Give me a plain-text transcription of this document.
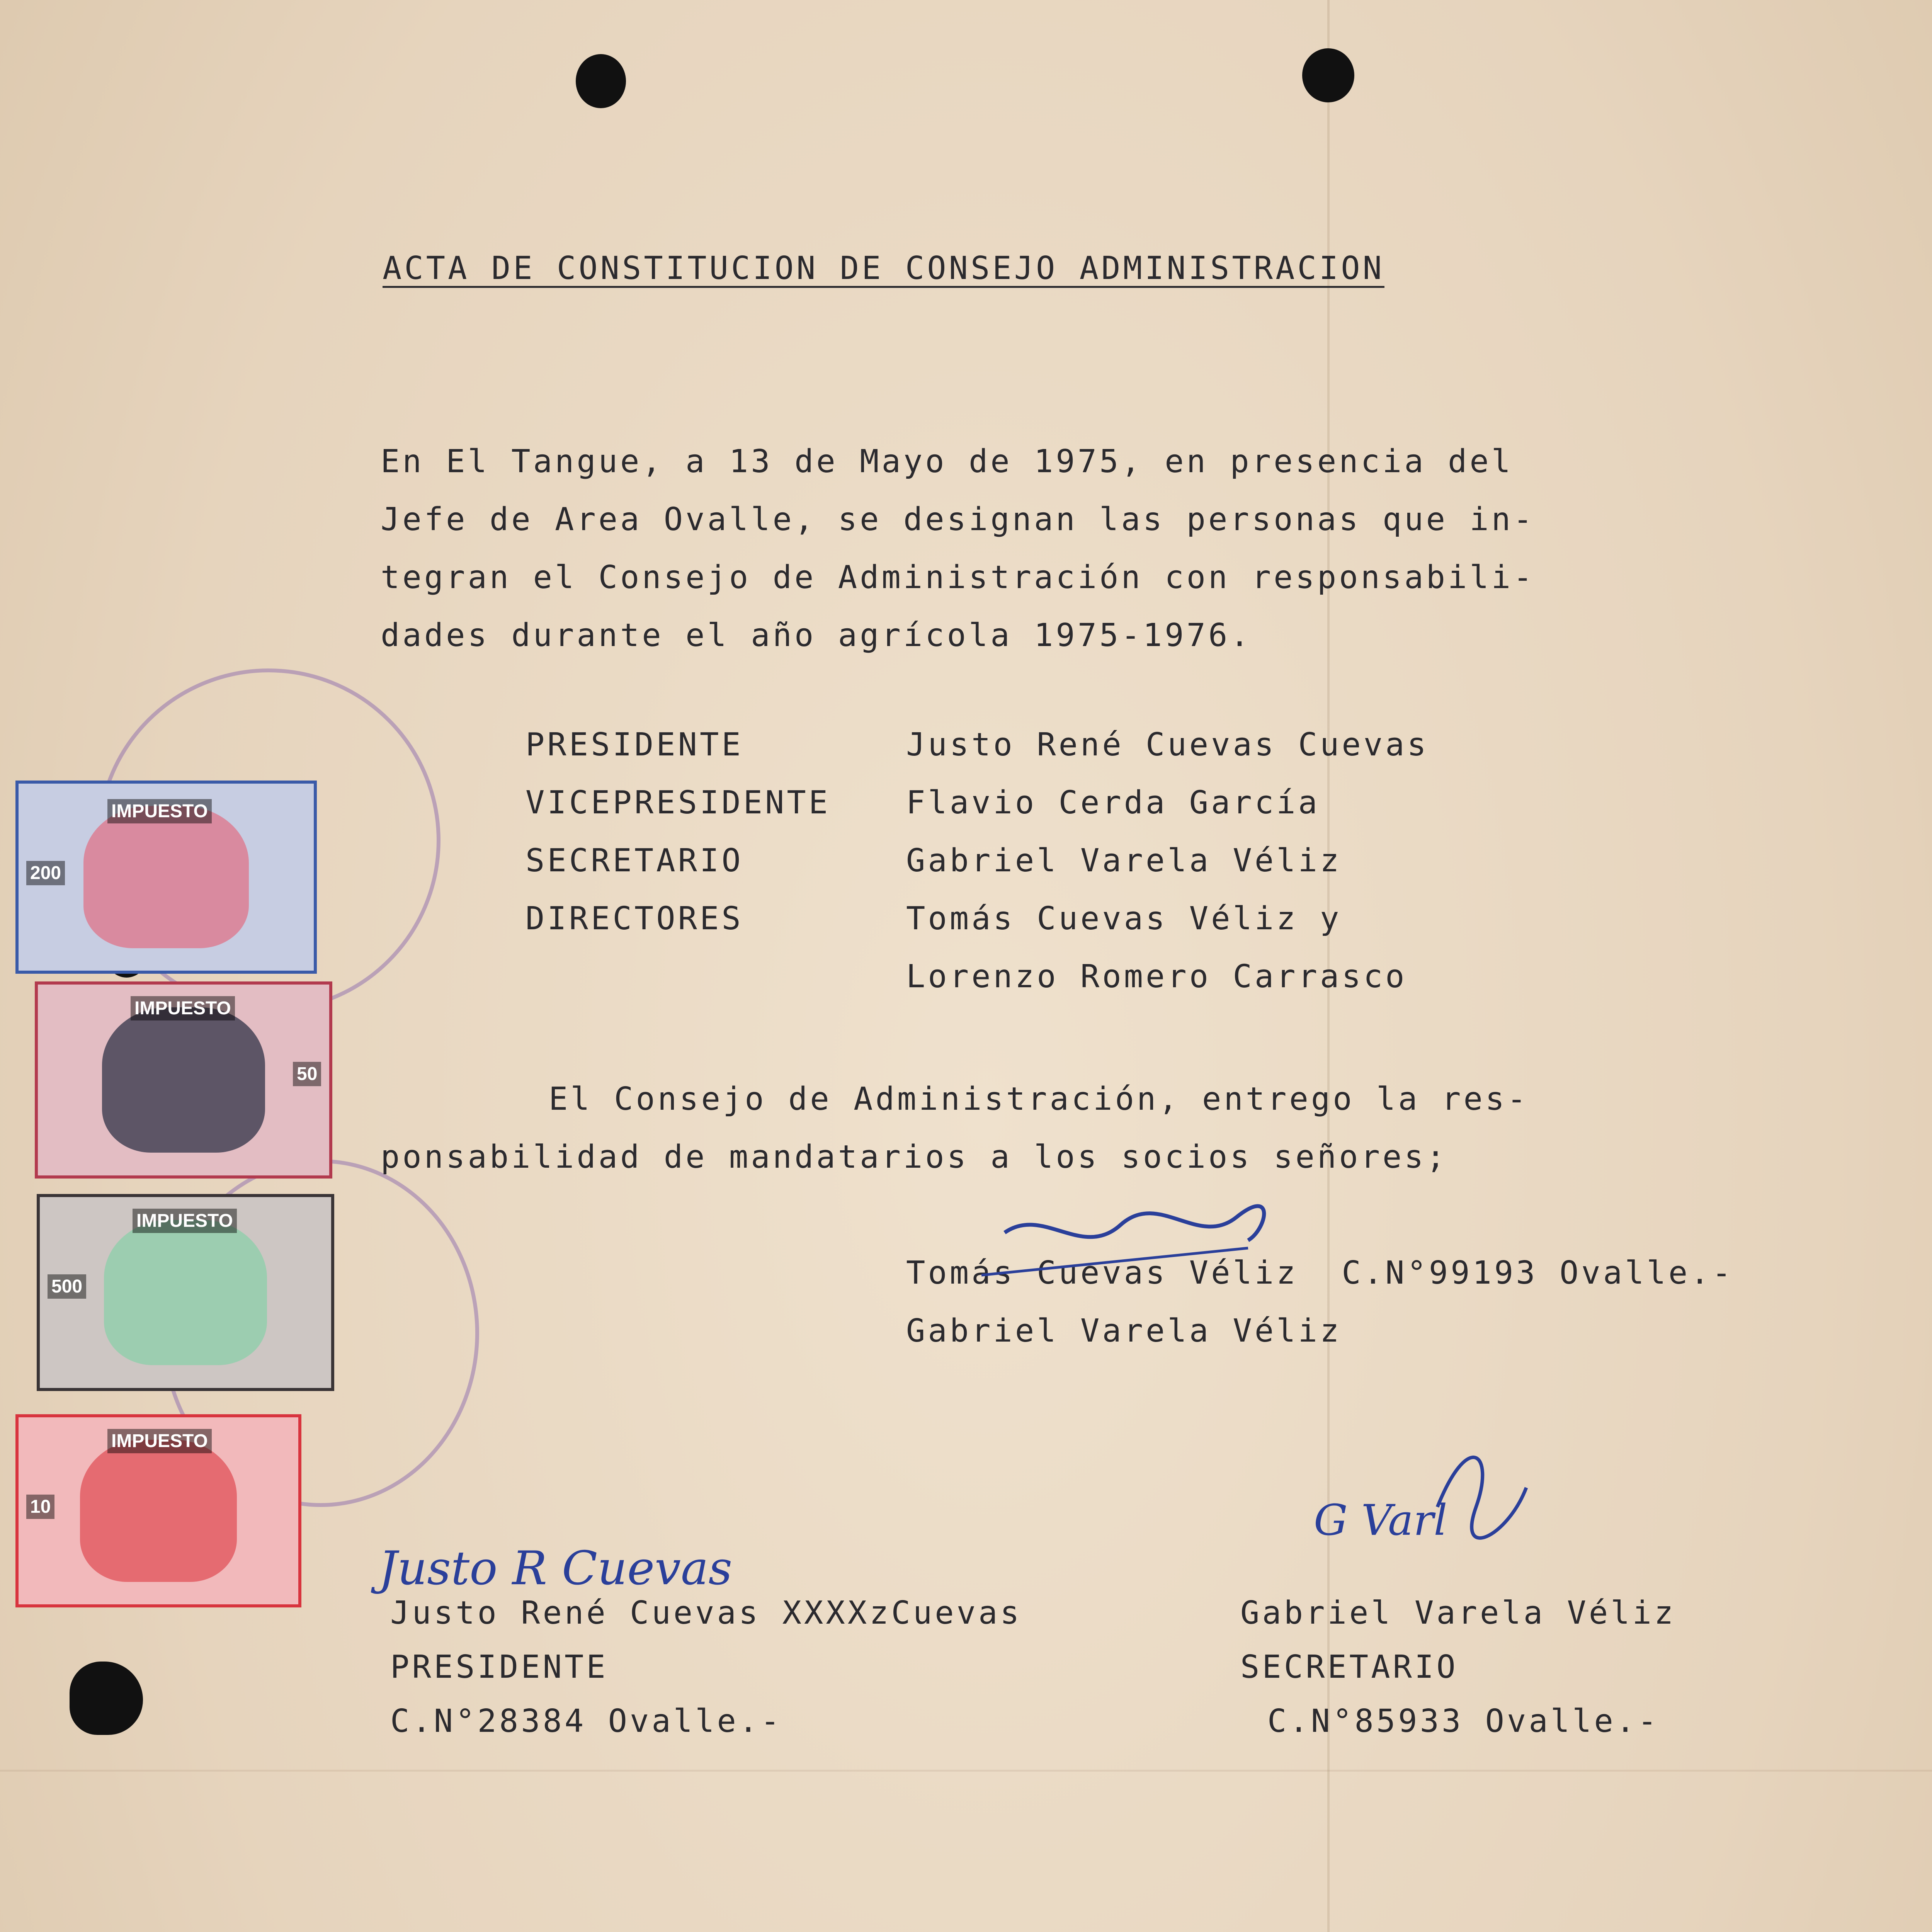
ACTA DE CONSTITUCION DE CONSEJO ADMINISTRACION
En El Tangue, a 13 de Mayo de 1975, en presencia del
Jefe de Area Ovalle, se designan las personas que in-
tegran el Consejo de Administración con responsabili-
dades durante el año agrícola 1975-1976.
PRESIDENTE	Justo René Cuevas Cuevas
VICEPRESIDENTE Flavio Cerda García
SECRETARIO	Gabriel Varela Véliz
DIRECTORES	Tomás Cuevas Véliz y
Lorenzo Romero Carrasco
El Consejo de Administración, entrego la res-
ponsabilidad de mandatarios a los socios señores;
Tomás Cuevas Véliz  C.N°99193 Ovalle.-
Gabriel Varela Véliz
Justo R Cuevas
G Varl
Justo René Cuevas XXXXzCuevas
PRESIDENTE
C.N°28384 Ovalle.-
Gabriel Varela Véliz
SECRETARIO
C.N°85933 Ovalle.-
IMPUESTO
200
IMPUESTO
50
IMPUESTO
500
IMPUESTO
10
